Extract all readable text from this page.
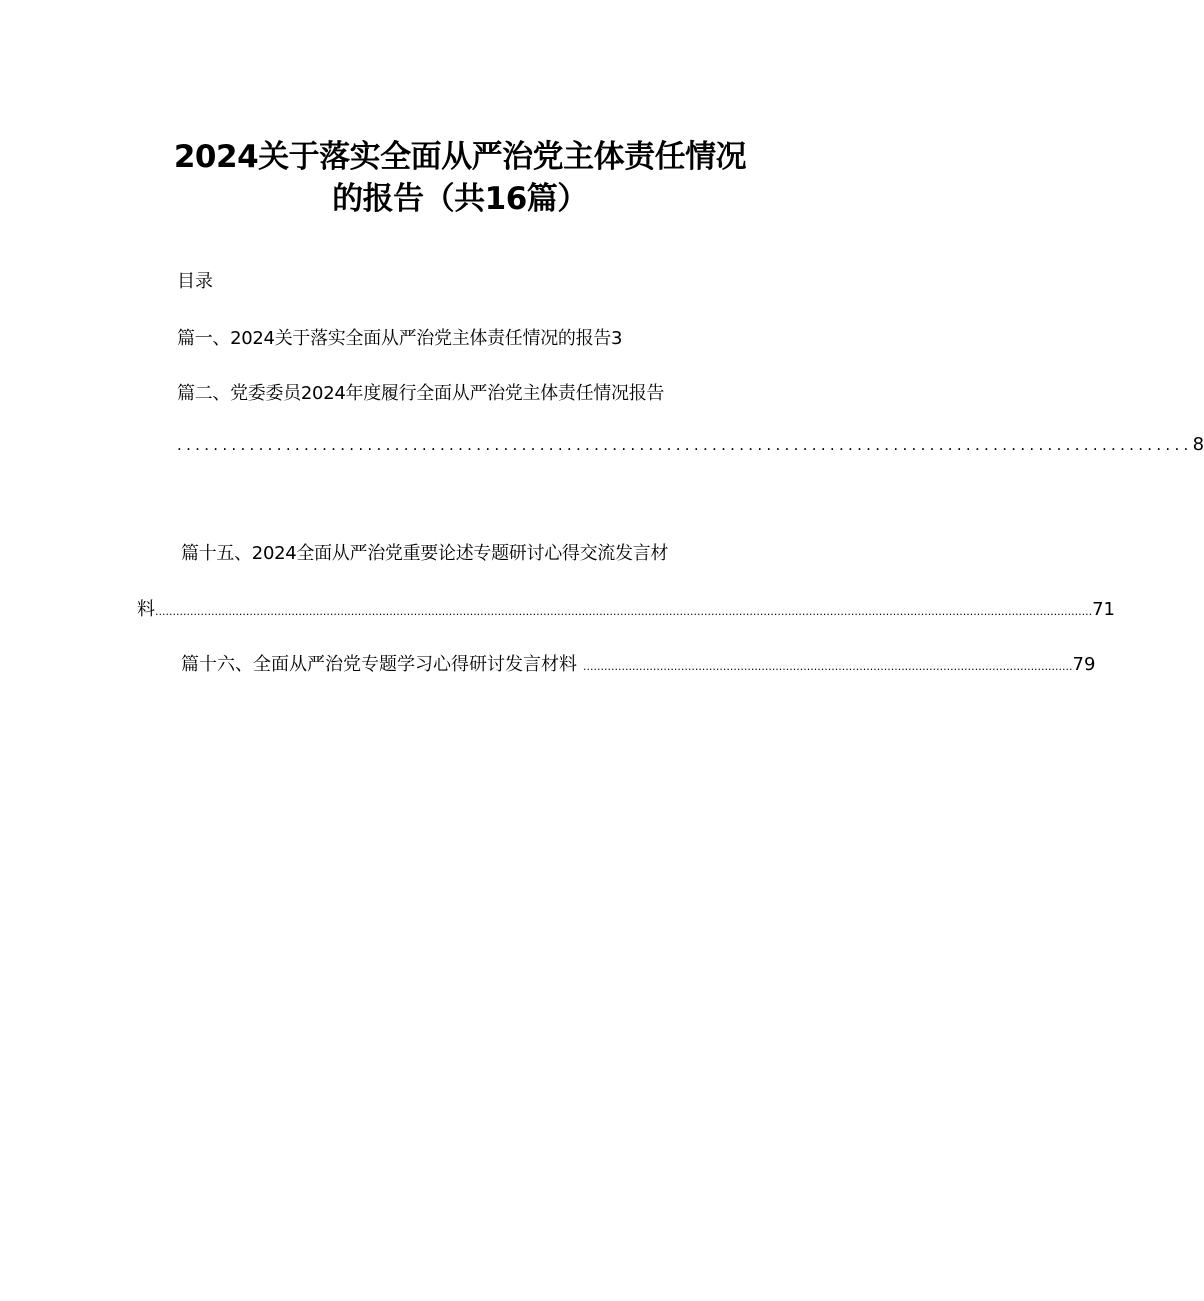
2024关于落实全面从严治党主体责任情况
的报告（共16篇）
目录
篇一、2024关于落实全面从严治党主体责任情况的报告3
篇二、党委委员2024年度履行全面从严治党主体责任情况报告
................................................................................................................ 8
篇十五、2024全面从严治党重要论述专题研讨心得交流发言材
料 ............................................................................................................................................................................................................................................................................ 71
篇十六、全面从严治党专题学习心得研讨发言材料 ............................................................................................................................................ 79
